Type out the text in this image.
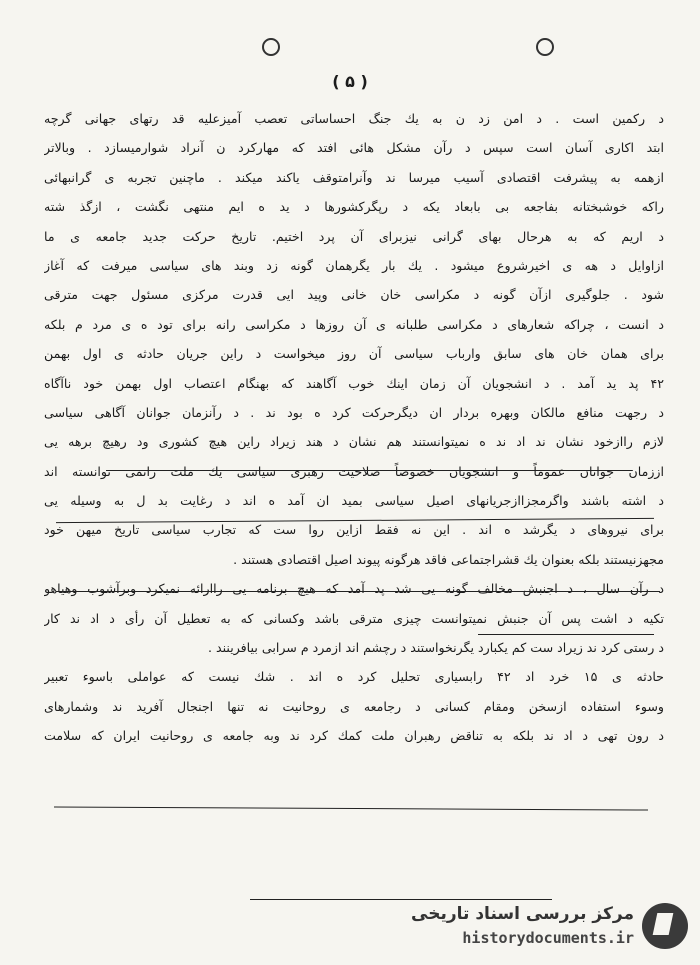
( ۵ )
د رکمین است . د امن زد ن به یك جنگ احساساتی تعصب آمیزعلیه قد رتهای جهانی گرچه
ابتد اکاری آسان است سپس د رآن مشکل هائی افتد که مهارکرد ن آنراد شوارمیسازد . وبالاتر
ازهمه به پیشرفت اقتصادی آسیب میرسا ند وآنرامتوقف یاکند میکند . ماچنین تجربه ی گرانبهائی
راکه خوشبختانه بفاجعه بی بابعاد یکه د رپگرکشورها د ید ه ایم منتهی نگشت ، ازگذ شته
د اریم که به هرحال بهای گرانی نیزبرای آن پرد اختیم. تاریخ حرکت جدید جامعه ی ما
ازاوایل د هه ی اخیرشروع میشود . یك بار یگرهمان گونه زد وبند های سیاسی میرفت که آغاز
شود . جلوگیری ازآن گونه د مکراسی خان خانی وپید ایی قدرت مرکزی مسئول جهت مترقی
د انست ، چراکه شعارهای د مکراسی طلبانه ی آن روزها د مکراسی رانه برای تود ه ی مرد م بلکه
برای همان خان های سابق وارباب سیاسی آن روز میخواست د راین جریان حادثه ی اول بهمن
۴۲ پد ید آمد . د انشجویان آن زمان اینك خوب آگاهند که بهنگام اعتصاب اول بهمن خود ناآگاه
د رجهت منافع مالکان وبهره بردار ان دیگرحرکت کرد ه بود ند . د رآنزمان جوانان آگاهی سیاسی
لازم راازخود نشان ند اد ند ه نمیتوانستند هم نشان د هند زیراد راین هیچ کشوری ود رهیچ برهه یی
اززمان جوانان عموماً و انشجویان خصوصاً صلاحیت رهبری سیاسی یك ملت رانمی توانسته اند
د اشته باشند واگرمجزاازجریانهای اصیل سیاسی بمید ان آمد ه اند د رغایت بد ل به وسیله یی
برای نیروهای د یگرشد ه اند . این نه فقط ازاین روا ست که تجارب سیاسی تاریخ میهن خود
مجهزنیستند بلکه بعنوان یك قشراجتماعی فاقد هرگونه پیوند اصیل اقتصادی هستند .
د رآن سال ، د اجنبش مخالف گونه یی شد پد آمد که هیچ برنامه یی راارائه نمیکرد وبرآشوب وهیاهو
تکیه د اشت پس آن جنبش نمیتوانست چیزی مترقی باشد وکسانی که به تعطیل آن رأی د اد ند کار
د رستی کرد ند زیراد ست کم یکبارد یگرنخواستند د رچشم اند ازمرد م سرابی بیافرینند .
حادثه ی ۱۵ خرد اد ۴۲ رابسیاری تحلیل کرد ه اند . شك نیست که عواملی باسوء تعبیر
وسوء استفاده ازسخن ومقام کسانی د رجامعه ی روحانیت نه تنها اجنجال آفرید ند وشمارهای
د رون تهی د اد ند بلکه به تناقض رهبران ملت کمك کرد ند وبه جامعه ی روحانیت ایران که سلامت
مرکز بررسی اسناد تاریخی
historydocuments.ir
